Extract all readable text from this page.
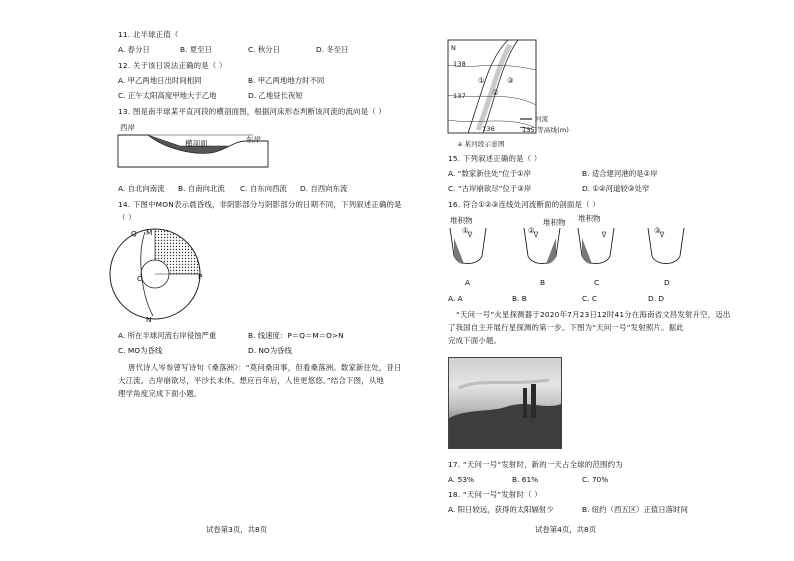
11. 北半球正值（
A. 春分日	B. 夏至日	C. 秋分日	D. 冬至日
12. 关于该日说法正确的是（ ）
A. 甲乙两地日出时间相同	B. 甲乙两地地方时不同
C. 正午太阳高度甲地大于乙地	D. 乙地昼长夜短
13. 图是南半球某平直河段的横剖面图，根据河床形态判断该河流的流向是（ ）
西岸
横剖面	东岸
A. 自北向南流 B. 自南向北流 C. 自东向西流 D. 自西向东流
14. 下图中MON表示晨昏线，非阴影部分与阴影部分的日期不同，下列叙述正确的是
（ ）
Q M
O	P
N
A. 所在半球河流右岸侵蚀严重	B. 线速度：P＝Q＝M＝O>N
C. MO为昏线	D. NO为昏线
唐代诗人岑参曾写诗句《桑落洲》：“莫问桑田事，但看桑落洲。数家新住处，昔日
大江流。古岸崩欲尽，平沙长未休。想应百年后，人世更悠悠。”结合下图，从地
理学角度完成下面小题。
试卷第3页，共8页
N
138
137
136
①
②
③
河流
135 等高线(m)
a 某河段示意图
15. 下列叙述正确的是（ ）
A. “数家新住处”位于①岸	B. 适合建河港的是②岸
C. “古岸崩欲尽”位于③岸	D. ①②河道较③处窄
16. 符合①②③连线处河流断面的剖面是（ ）
堆积物	堆积物 堆积物
①	②	③
A	B	C	D
A. A	B. B	C. C	D. D
“天问一号”火星探测器于2020年7月23日12时41分在海南省文昌发射升空，迈出
了我国自主开展行星探测的第一步。下图为“天问一号”发射照片。据此
完成下面小题。
17. “天问一号”发射时，新的一天占全球的范围约为
A. 53%	B. 61%	C. 70%
18. “天问一号”发射时（ ）
A. 阳日较远，获得的太阳辐射少	B. 纽约（西五区）正值日落时间
试卷第4页，共8页
